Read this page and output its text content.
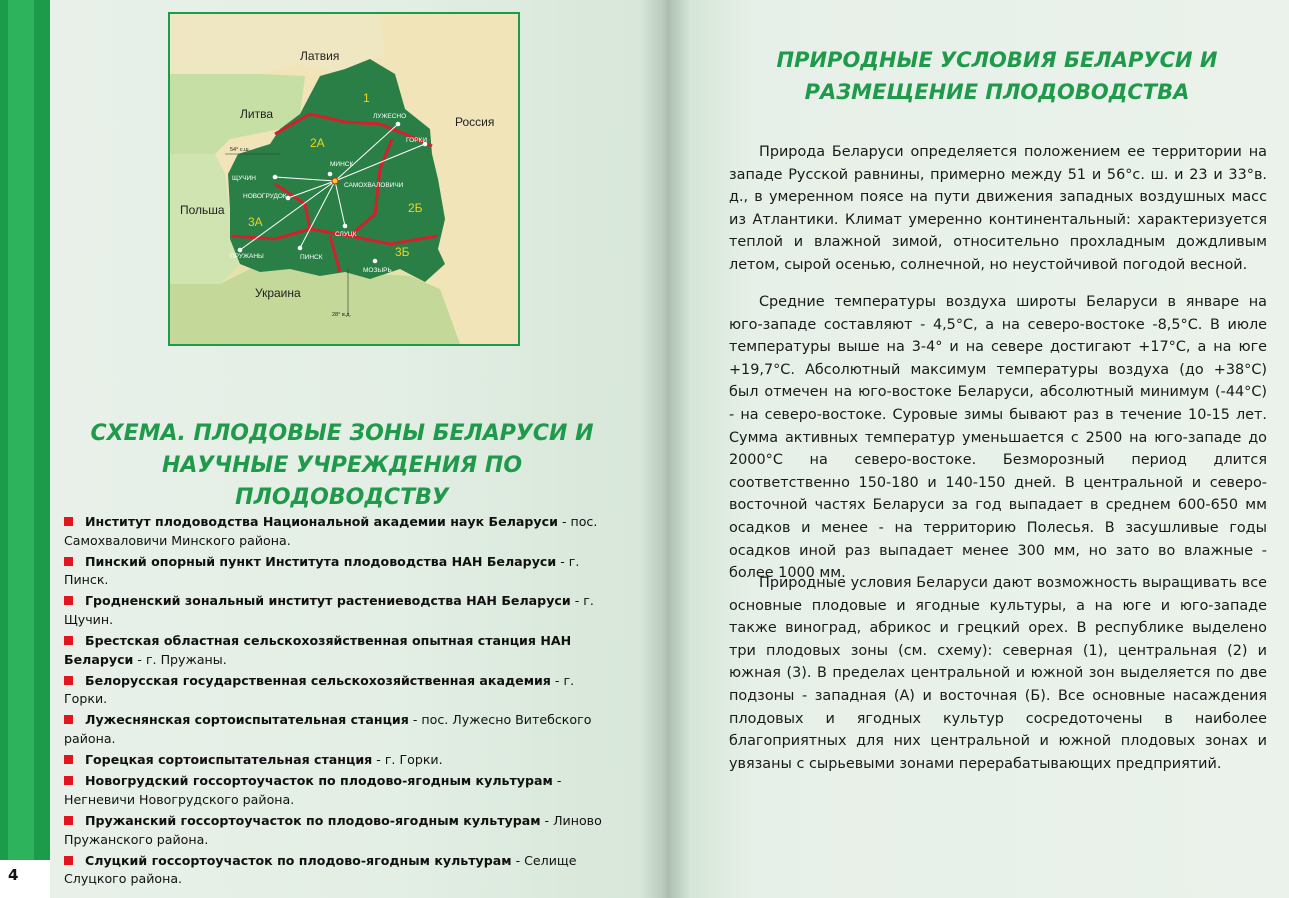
4
Латвия
Литва
Россия
Польша
Украина
1
2А
2Б
3А
3Б
ЛУЖЕСНО
ГОРКИ
МИНСК
САМОХВАЛОВИЧИ
ЩУЧИН
НОВОГРУДОК
СЛУЦК
ПРУЖАНЫ	ПИНСК
МОЗЫРЬ
54° с.ш.
28° в.д.
СХЕМА. ПЛОДОВЫЕ ЗОНЫ БЕЛАРУСИ И
НАУЧНЫЕ УЧРЕЖДЕНИЯ ПО ПЛОДОВОДСТВУ
Институт плодоводства Национальной академии наук Беларуси - пос. Самохваловичи Минского района.
Пинский опорный пункт Института плодоводства НАН Беларуси - г. Пинск.
Гродненский зональный институт растениеводства НАН Беларуси - г. Щучин.
Брестская областная сельскохозяйственная опытная станция НАН Беларуси - г. Пружаны.
Белорусская государственная сельскохозяйственная академия - г. Горки.
Лужеснянская сортоиспытательная станция - пос. Лужесно Витебского района.
Горецкая сортоиспытательная станция - г. Горки.
Новогрудский госсортоучасток по плодово-ягодным культурам - Негневичи Новогрудского района.
Пружанский госсортоучасток по плодово-ягодным культурам - Линово Пружанского района.
Слуцкий госсортоучасток по плодово-ягодным культурам - Селище Слуцкого района.
ПРИРОДНЫЕ УСЛОВИЯ БЕЛАРУСИ И
РАЗМЕЩЕНИЕ ПЛОДОВОДСТВА

Природа Беларуси определяется положением ее территории на западе Русской равнины, примерно между 51 и 56°с. ш. и 23 и 33°в. д., в умеренном поясе на пути движения западных воздушных масс из Атлантики. Климат умеренно континентальный: характеризуется теплой и влажной зимой, относительно прохладным дождливым летом, сырой осенью, солнечной, но неустойчивой погодой весной.

Средние температуры воздуха широты Беларуси в январе на юго-западе составляют - 4,5°С, а на северо-востоке -8,5°С. В июле температуры выше на 3-4° и на севере достигают +17°С, а на юге +19,7°С. Абсолютный максимум температуры воздуха (до +38°С) был отмечен на юго-востоке Беларуси, абсолютный минимум (-44°С) - на северо-востоке. Суровые зимы бывают раз в течение 10-15 лет. Сумма активных температур уменьшается с 2500 на юго-западе до 2000°С на северо-востоке. Безморозный период длится соответственно 150-180 и 140-150 дней. В центральной и северо-восточной частях Беларуси за год выпадает в среднем 600-650 мм осадков и менее - на территорию Полесья. В засушливые годы осадков иной раз выпадает менее 300 мм, но зато во влажные - более 1000 мм.

Природные условия Беларуси дают возможность выращивать все основные плодовые и ягодные культуры, а на юге и юго-западе также виноград, абрикос и грецкий орех. В республике выделено три плодовых зоны (см. схему): северная (1), центральная (2) и южная (3). В пределах центральной и южной зон выделяется по две подзоны - западная (А) и восточная (Б). Все основные насаждения плодовых и ягодных культур сосредоточены в наиболее благоприятных для них центральной и южной плодовых зонах и увязаны с сырьевыми зонами перерабатывающих предприятий.
